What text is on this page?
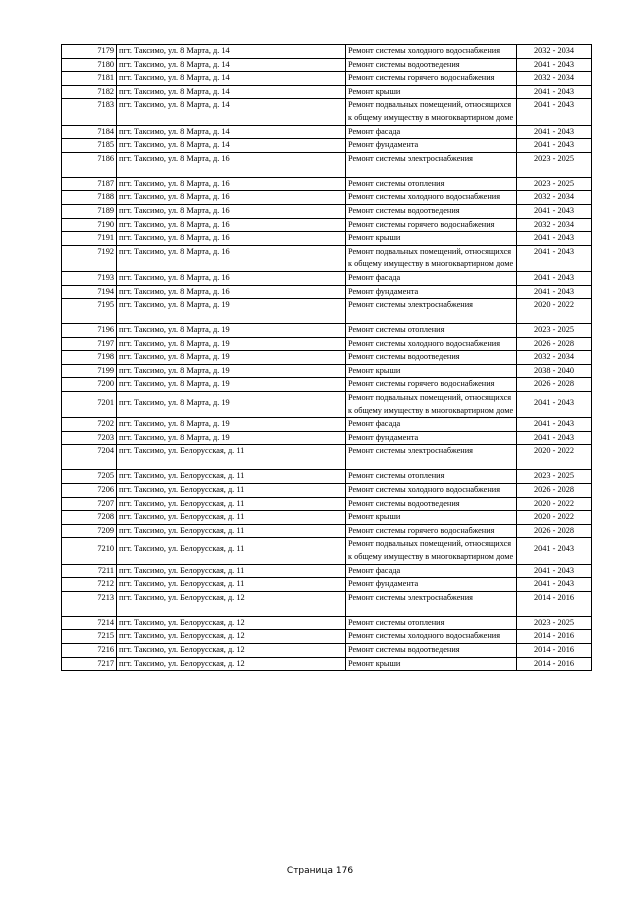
7179	пгт. Таксимо, ул. 8 Марта, д. 14	Ремонт системы холодного водоснабжения	2032 - 2034
7180	пгт. Таксимо, ул. 8 Марта, д. 14	Ремонт системы водоотведения	2041 - 2043
7181	пгт. Таксимо, ул. 8 Марта, д. 14	Ремонт системы горячего водоснабжения	2032 - 2034
7182	пгт. Таксимо, ул. 8 Марта, д. 14	Ремонт крыши	2041 - 2043
7183	пгт. Таксимо, ул. 8 Марта, д. 14	Ремонт подвальных помещений, относящихся к общему имуществу в многоквартирном доме	2041 - 2043
7184	пгт. Таксимо, ул. 8 Марта, д. 14	Ремонт фасада	2041 - 2043
7185	пгт. Таксимо, ул. 8 Марта, д. 14	Ремонт фундамента	2041 - 2043
7186	пгт. Таксимо, ул. 8 Марта, д. 16	Ремонт системы электроснабжения	2023 - 2025
7187	пгт. Таксимо, ул. 8 Марта, д. 16	Ремонт системы отопления	2023 - 2025
7188	пгт. Таксимо, ул. 8 Марта, д. 16	Ремонт системы холодного водоснабжения	2032 - 2034
7189	пгт. Таксимо, ул. 8 Марта, д. 16	Ремонт системы водоотведения	2041 - 2043
7190	пгт. Таксимо, ул. 8 Марта, д. 16	Ремонт системы горячего водоснабжения	2032 - 2034
7191	пгт. Таксимо, ул. 8 Марта, д. 16	Ремонт крыши	2041 - 2043
7192	пгт. Таксимо, ул. 8 Марта, д. 16	Ремонт подвальных помещений, относящихся к общему имуществу в многоквартирном доме	2041 - 2043
7193	пгт. Таксимо, ул. 8 Марта, д. 16	Ремонт фасада	2041 - 2043
7194	пгт. Таксимо, ул. 8 Марта, д. 16	Ремонт фундамента	2041 - 2043
7195	пгт. Таксимо, ул. 8 Марта, д. 19	Ремонт системы электроснабжения	2020 - 2022
7196	пгт. Таксимо, ул. 8 Марта, д. 19	Ремонт системы отопления	2023 - 2025
7197	пгт. Таксимо, ул. 8 Марта, д. 19	Ремонт системы холодного водоснабжения	2026 - 2028
7198	пгт. Таксимо, ул. 8 Марта, д. 19	Ремонт системы водоотведения	2032 - 2034
7199	пгт. Таксимо, ул. 8 Марта, д. 19	Ремонт крыши	2038 - 2040
7200	пгт. Таксимо, ул. 8 Марта, д. 19	Ремонт системы горячего водоснабжения	2026 - 2028
7201	пгт. Таксимо, ул. 8 Марта, д. 19	Ремонт подвальных помещений, относящихся к общему имуществу в многоквартирном доме	2041 - 2043
7202	пгт. Таксимо, ул. 8 Марта, д. 19	Ремонт фасада	2041 - 2043
7203	пгт. Таксимо, ул. 8 Марта, д. 19	Ремонт фундамента	2041 - 2043
7204	пгт. Таксимо, ул. Белорусская, д. 11	Ремонт системы электроснабжения	2020 - 2022
7205	пгт. Таксимо, ул. Белорусская, д. 11	Ремонт системы отопления	2023 - 2025
7206	пгт. Таксимо, ул. Белорусская, д. 11	Ремонт системы холодного водоснабжения	2026 - 2028
7207	пгт. Таксимо, ул. Белорусская, д. 11	Ремонт системы водоотведения	2020 - 2022
7208	пгт. Таксимо, ул. Белорусская, д. 11	Ремонт крыши	2020 - 2022
7209	пгт. Таксимо, ул. Белорусская, д. 11	Ремонт системы горячего водоснабжения	2026 - 2028
7210	пгт. Таксимо, ул. Белорусская, д. 11	Ремонт подвальных помещений, относящихся к общему имуществу в многоквартирном доме	2041 - 2043
7211	пгт. Таксимо, ул. Белорусская, д. 11	Ремонт фасада	2041 - 2043
7212	пгт. Таксимо, ул. Белорусская, д. 11	Ремонт фундамента	2041 - 2043
7213	пгт. Таксимо, ул. Белорусская, д. 12	Ремонт системы электроснабжения	2014 - 2016
7214	пгт. Таксимо, ул. Белорусская, д. 12	Ремонт системы отопления	2023 - 2025
7215	пгт. Таксимо, ул. Белорусская, д. 12	Ремонт системы холодного водоснабжения	2014 - 2016
7216	пгт. Таксимо, ул. Белорусская, д. 12	Ремонт системы водоотведения	2014 - 2016
7217	пгт. Таксимо, ул. Белорусская, д. 12	Ремонт крыши	2014 - 2016
Страница 176
